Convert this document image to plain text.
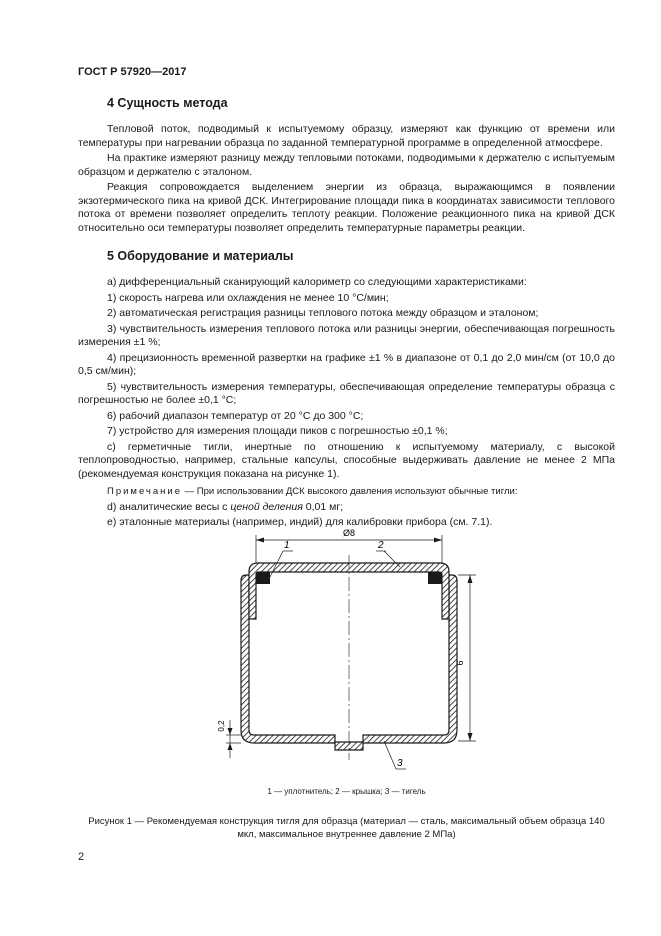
ГОСТ Р 57920—2017
4 Сущность метода

Тепловой поток, подводимый к испытуемому образцу, измеряют как функцию от времени или температуры при нагревании образца по заданной температурной программе в определенной атмосфере.

На практике измеряют разницу между тепловыми потоками, подводимыми к держателю с испытуемым образцом и держателю с эталоном.

Реакция сопровождается выделением энергии из образца, выражающимся в появлении экзотермического пика на кривой ДСК. Интегрирование площади пика в координатах зависимости теплового потока от времени позволяет определить теплоту реакции. Положение реакционного пика на кривой ДСК относительно оси температуры позволяет определить температурные параметры реакции.

5 Оборудование и материалы

а) дифференциальный сканирующий калориметр со следующими характеристиками:

1) скорость нагрева или охлаждения не менее 10 °С/мин;

2) автоматическая регистрация разницы теплового потока между образцом и эталоном;

3) чувствительность измерения теплового потока или разницы энергии, обеспечивающая погрешность измерения ±1 %;

4) прецизионность временной развертки на графике ±1 % в диапазоне от 0,1 до 2,0 мин/см (от 10,0 до 0,5 см/мин);

5) чувствительность измерения температуры, обеспечивающая определение температуры образца с погрешностью не более ±0,1 °С;

6) рабочий диапазон температур от 20 °С до 300 °С;

7) устройство для измерения площади пиков с погрешностью ±0,1 %;

с) герметичные тигли, инертные по отношению к испытуемому материалу, с высокой теплопроводностью, например, стальные капсулы, способные выдерживать давление не менее 2 МПа (рекомендуемая конструкция показана на рисунке 1).

Примечание — При использовании ДСК высокого давления используют обычные тигли:

d) аналитические весы с ценой деления 0,01 мг;

е) эталонные материалы (например, индий) для калибровки прибора (см. 7.1).

Ø8
6
0,2
1	2
3
1 — уплотнитель; 2 — крышка; 3 — тигель
Рисунок 1 — Рекомендуемая конструкция тигля для образца (материал — сталь, максимальный объем образца 140 мкл, максимальное внутреннее давление 2 МПа)
2
